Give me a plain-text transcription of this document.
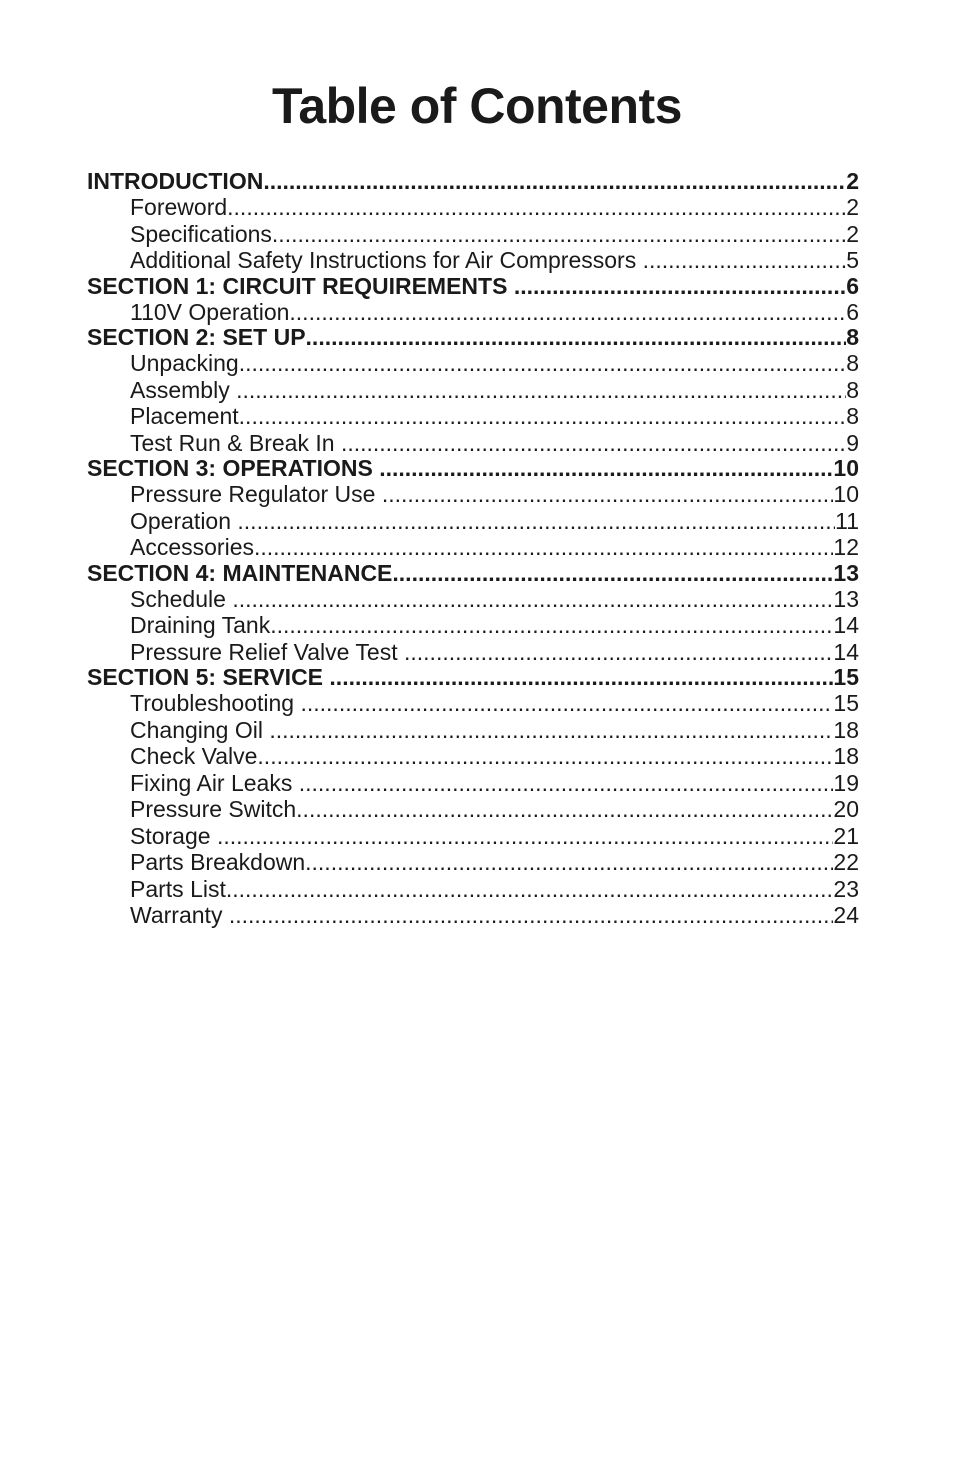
Table of Contents
INTRODUCTION .....	2
Foreword .....	2
Specifications .....	2
Additional Safety Instructions for Air Compressors .....	5
SECTION 1: CIRCUIT REQUIREMENTS .....	6
110V Operation .....	6
SECTION 2: SET UP .....	8
Unpacking .....	8
Assembly .....	8
Placement .....	8
Test Run & Break In .....	9
SECTION 3: OPERATIONS .....	10
Pressure Regulator Use .....	10
Operation .....	11
Accessories .....	12
SECTION 4: MAINTENANCE .....	13
Schedule .....	13
Draining Tank .....	14
Pressure Relief Valve Test .....	14
SECTION 5: SERVICE .....	15
Troubleshooting .....	15
Changing Oil .....	18
Check Valve .....	18
Fixing Air Leaks .....	19
Pressure Switch .....	20
Storage .....	21
Parts Breakdown .....	22
Parts List .....	23
Warranty .....	24
